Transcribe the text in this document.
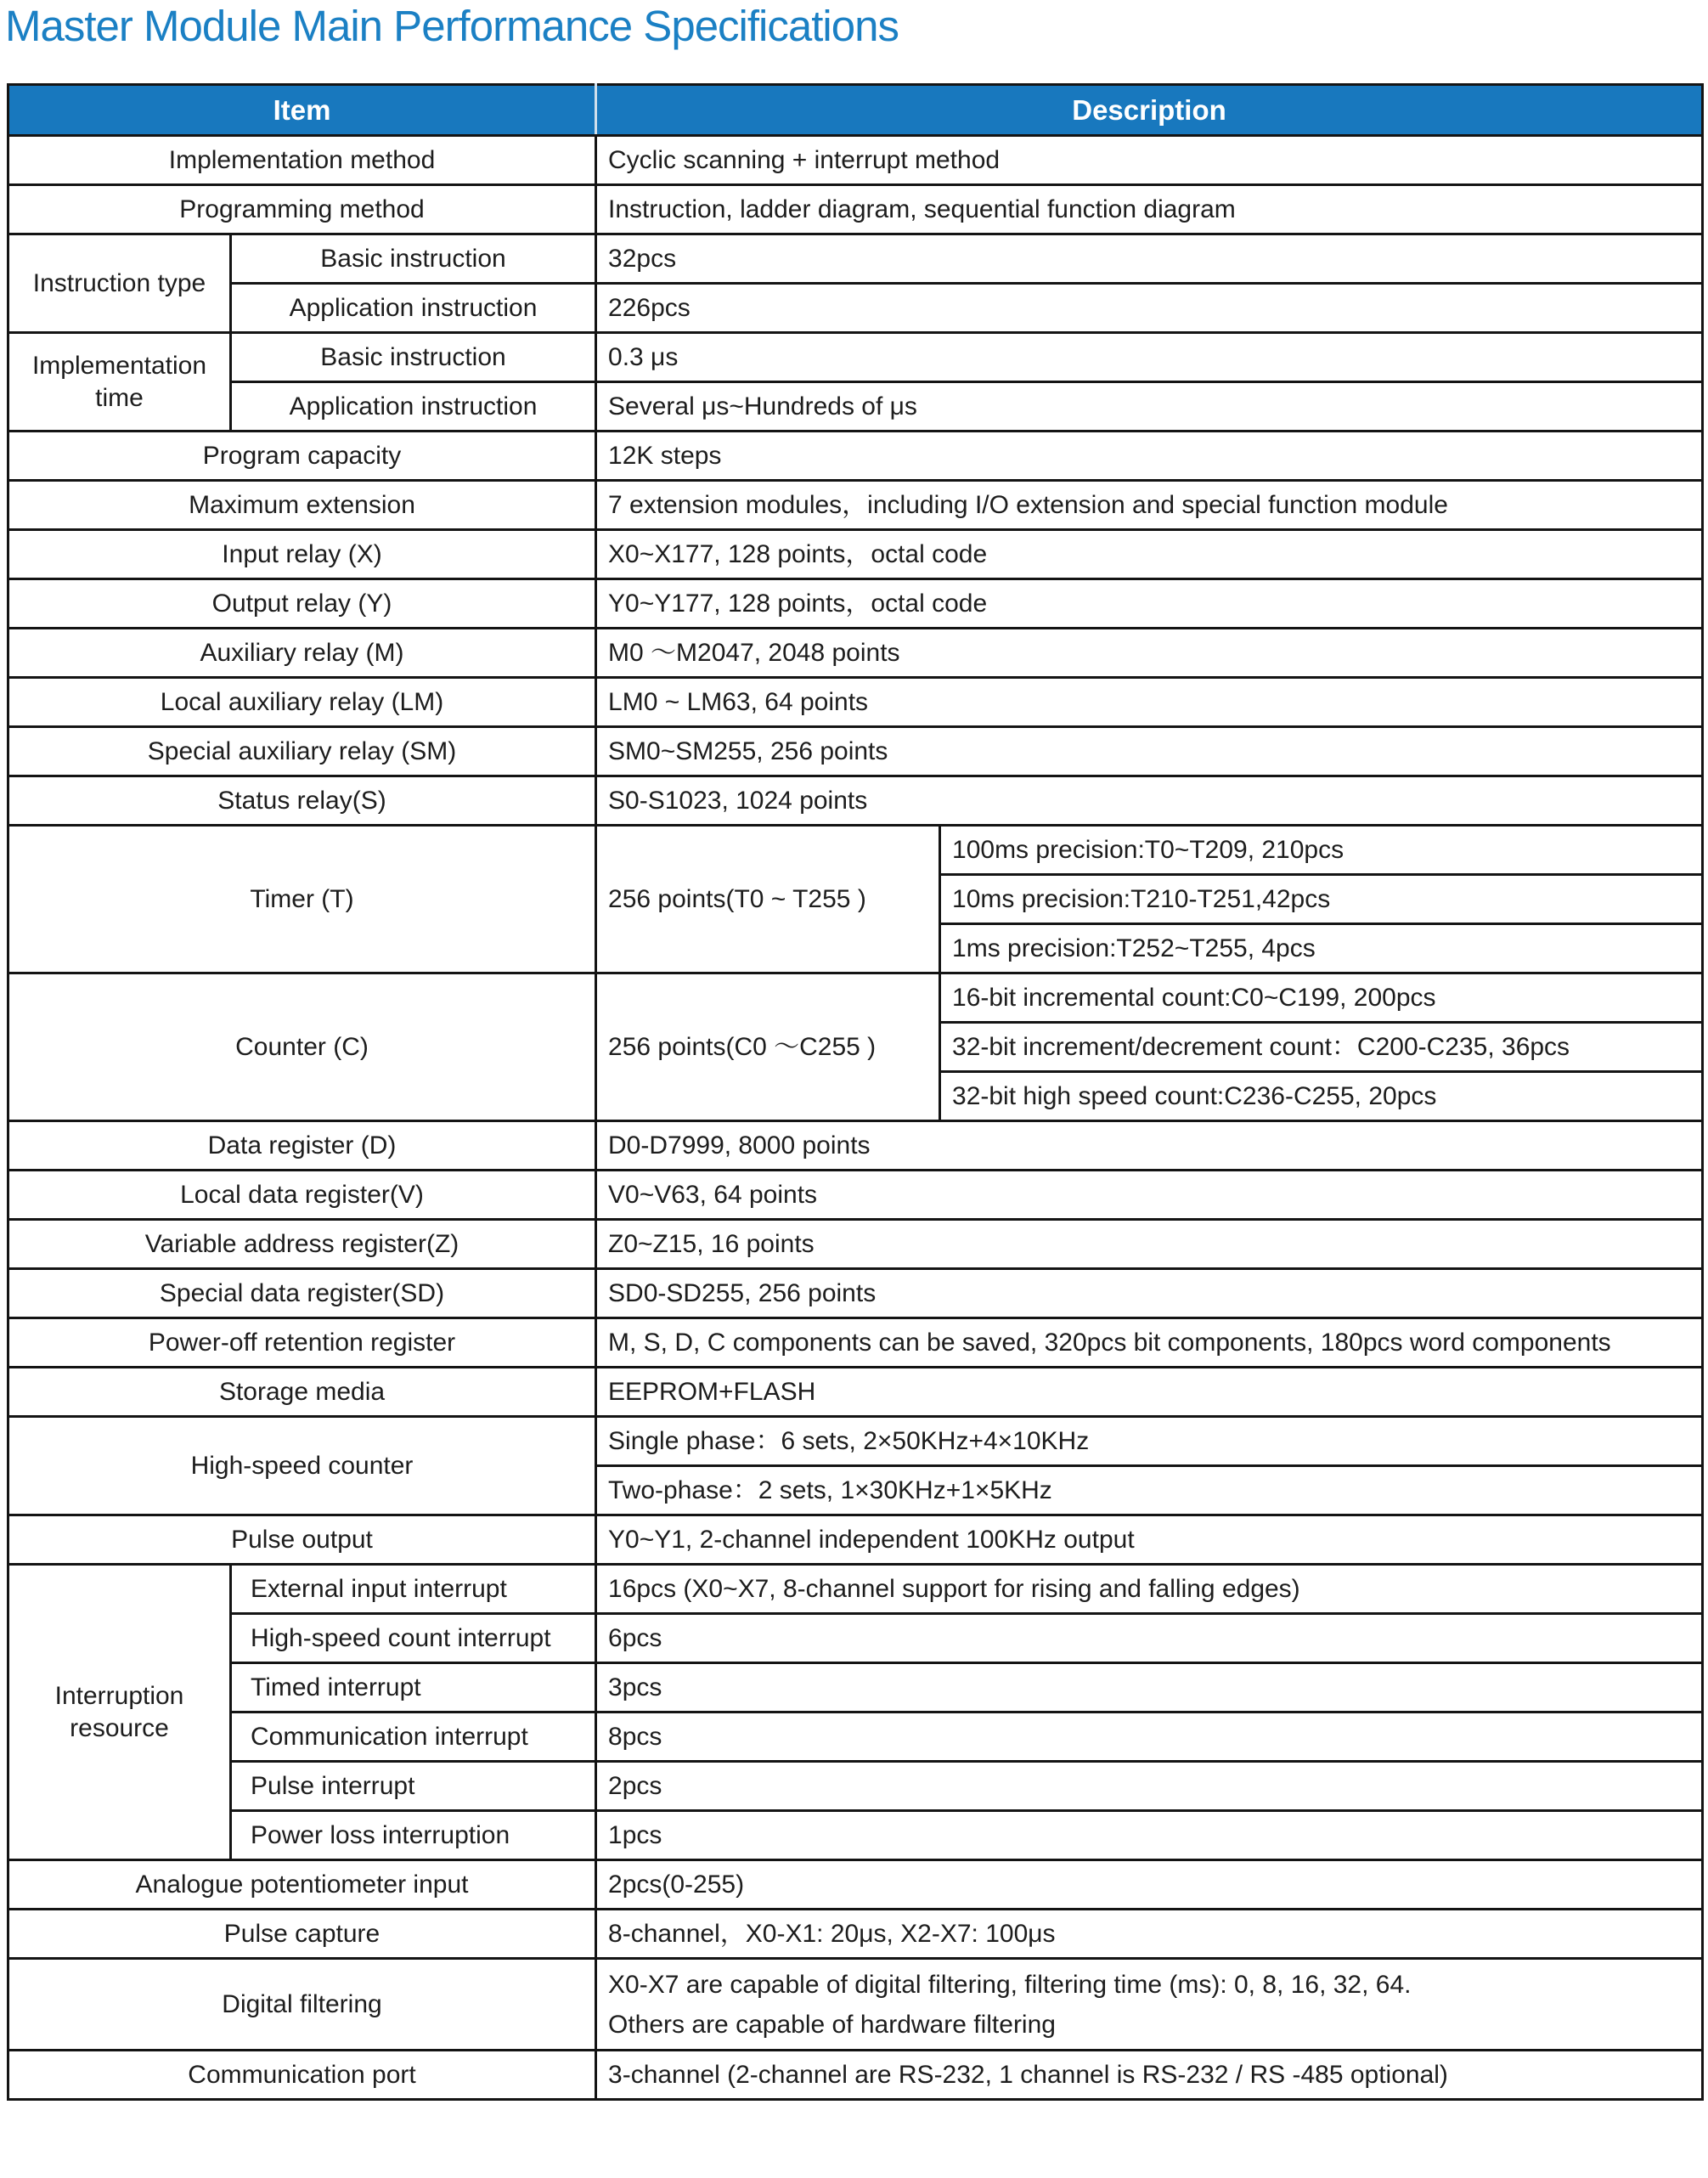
Master Module Main Performance Specifications
Item		Description	
Implementation method		Cyclic scanning + interrupt method	
Programming method		Instruction, ladder diagram, sequential function diagram	
Instruction type	Basic instruction	32pcs	
	Application instruction	226pcs	
Implementation time	Basic instruction	0.3 μs	
	Application instruction	Several μs~Hundreds of μs	
Program capacity		12K steps	
Maximum extension		7 extension modules，including I/O extension and special function module	
Input relay (X)		X0~X177, 128 points，octal code	
Output relay (Y)		Y0~Y177, 128 points，octal code	
Auxiliary relay (M)		M0 ～M2047, 2048 points	
Local auxiliary relay (LM)		LM0 ~ LM63, 64 points	
Special auxiliary relay (SM)		SM0~SM255, 256 points	
Status relay(S)		S0-S1023, 1024 points	
Timer (T)		256 points(T0 ~ T255 )	100ms precision:T0~T209, 210pcs
			10ms precision:T210-T251,42pcs
			1ms precision:T252~T255, 4pcs
Counter (C)		256 points(C0 ～C255 )	16-bit incremental count:C0~C199, 200pcs
			32-bit increment/decrement count：C200-C235, 36pcs
			32-bit high speed count:C236-C255, 20pcs
Data register (D)		D0-D7999, 8000 points	
Local data register(V)		V0~V63, 64 points	
Variable address register(Z)		Z0~Z15, 16 points	
Special data register(SD)		SD0-SD255, 256 points	
Power-off retention register		M, S, D, C components can be saved, 320pcs bit components, 180pcs word components	
Storage media		EEPROM+FLASH	
High-speed counter		Single phase：6 sets, 2×50KHz+4×10KHz	
		Two-phase：2 sets, 1×30KHz+1×5KHz	
Pulse output		Y0~Y1, 2-channel independent 100KHz output	
Interruption resource	External input interrupt	16pcs (X0~X7, 8-channel support for rising and falling edges)	
	High-speed count interrupt	6pcs	
	Timed interrupt	3pcs	
	Communication interrupt	8pcs	
	Pulse interrupt	2pcs	
	Power loss interruption	1pcs	
Analogue potentiometer input		2pcs(0-255)	
Pulse capture		8-channel，X0-X1: 20μs, X2-X7: 100μs	
Digital filtering		X0-X7 are capable of digital filtering, filtering time (ms): 0, 8, 16, 32, 64.
Others are capable of hardware filtering	

Communication port		3-channel (2-channel are RS-232, 1 channel is RS-232 / RS -485 optional)	
